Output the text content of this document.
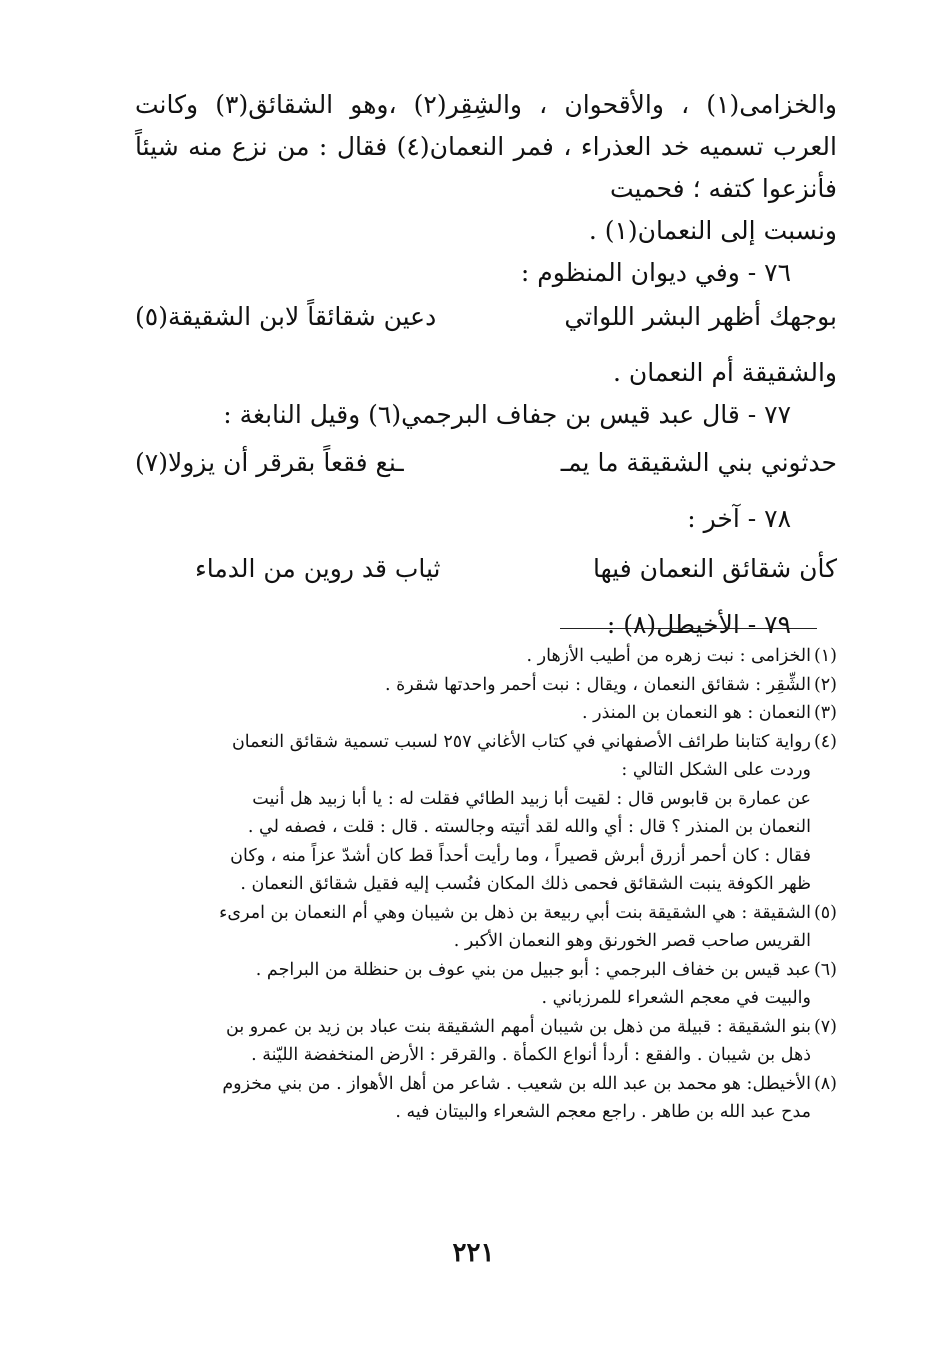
والخزامى(١) ، والأقحوان ، والشِقِر(٢) ،وهو الشقائق(٣) وكانت العرب تسميه خد العذراء ، فمر النعمان(٤) فقال : من نزع منه شيئاً فأنزعوا كتفه ؛ فحميت

ونسبت إلى النعمان(١) .

٧٦ - وفي ديوان المنظوم :

بوجهك أظهر البشر اللواتي
دعين شقائقاً لابن الشقيقة(٥)

والشقيقة أم النعمان .

٧٧ - قال عبد قيس بن جفاف البرجمي(٦) وقيل النابغة :

حدثوني بني الشقيقة ما يمـ
ـنع فقعاً بقرقر أن يزولا(٧)

٧٨ - آخر :

كأن شقائق النعمان فيها
ثياب قد روين من الدماء

٧٩ - الأخيطل(٨) :

(١)الخزامى : نبت زهره من أطيب الأزهار .

(٢)الشِّقِر : شقائق النعمان ، ويقال : نبت أحمر واحدتها شقرة .

(٣)النعمان : هو النعمان بن المنذر .

(٤)رواية كتابنا طرائف الأصفهاني في كتاب الأغاني ٢٥٧ لسبب تسمية شقائق النعمان

وردت على الشكل التالي :

عن عمارة بن قابوس قال : لقيت أبا زبيد الطائي فقلت له : يا أبا زبيد هل أنيت

النعمان بن المنذر ؟ قال : أي والله لقد أتيته وجالسته . قال : قلت ، فصفه لي .

فقال : كان أحمر أزرق أبرش قصيراً ، وما رأيت أحداً قط كان أشدّ عزاً منه ، وكان

ظهر الكوفة ينبت الشقائق فحمى ذلك المكان فنُسب إليه فقيل شقائق النعمان .

(٥)الشقيقة : هي الشقيقة بنت أبي ربيعة بن ذهل بن شيبان وهي أم النعمان بن امرىء

القريس صاحب قصر الخورنق وهو النعمان الأكبر .

(٦)عبد قيس بن خفاف البرجمي : أبو جبيل من بني عوف بن حنظلة من البراجم .

والبيت في معجم الشعراء للمرزباني .

(٧)بنو الشقيقة : قبيلة من ذهل بن شيبان أمهم الشقيقة بنت عباد بن زيد بن عمرو بن

ذهل بن شيبان . والفقع : أردأ أنواع الكمأة . والقرقر : الأرض المنخفضة الليّنة .

(٨)الأخيطل: هو محمد بن عبد الله بن شعيب . شاعر من أهل الأهواز . من بني مخزوم

مدح عبد الله بن طاهر . راجع معجم الشعراء والبيتان فيه .

٢٢١
